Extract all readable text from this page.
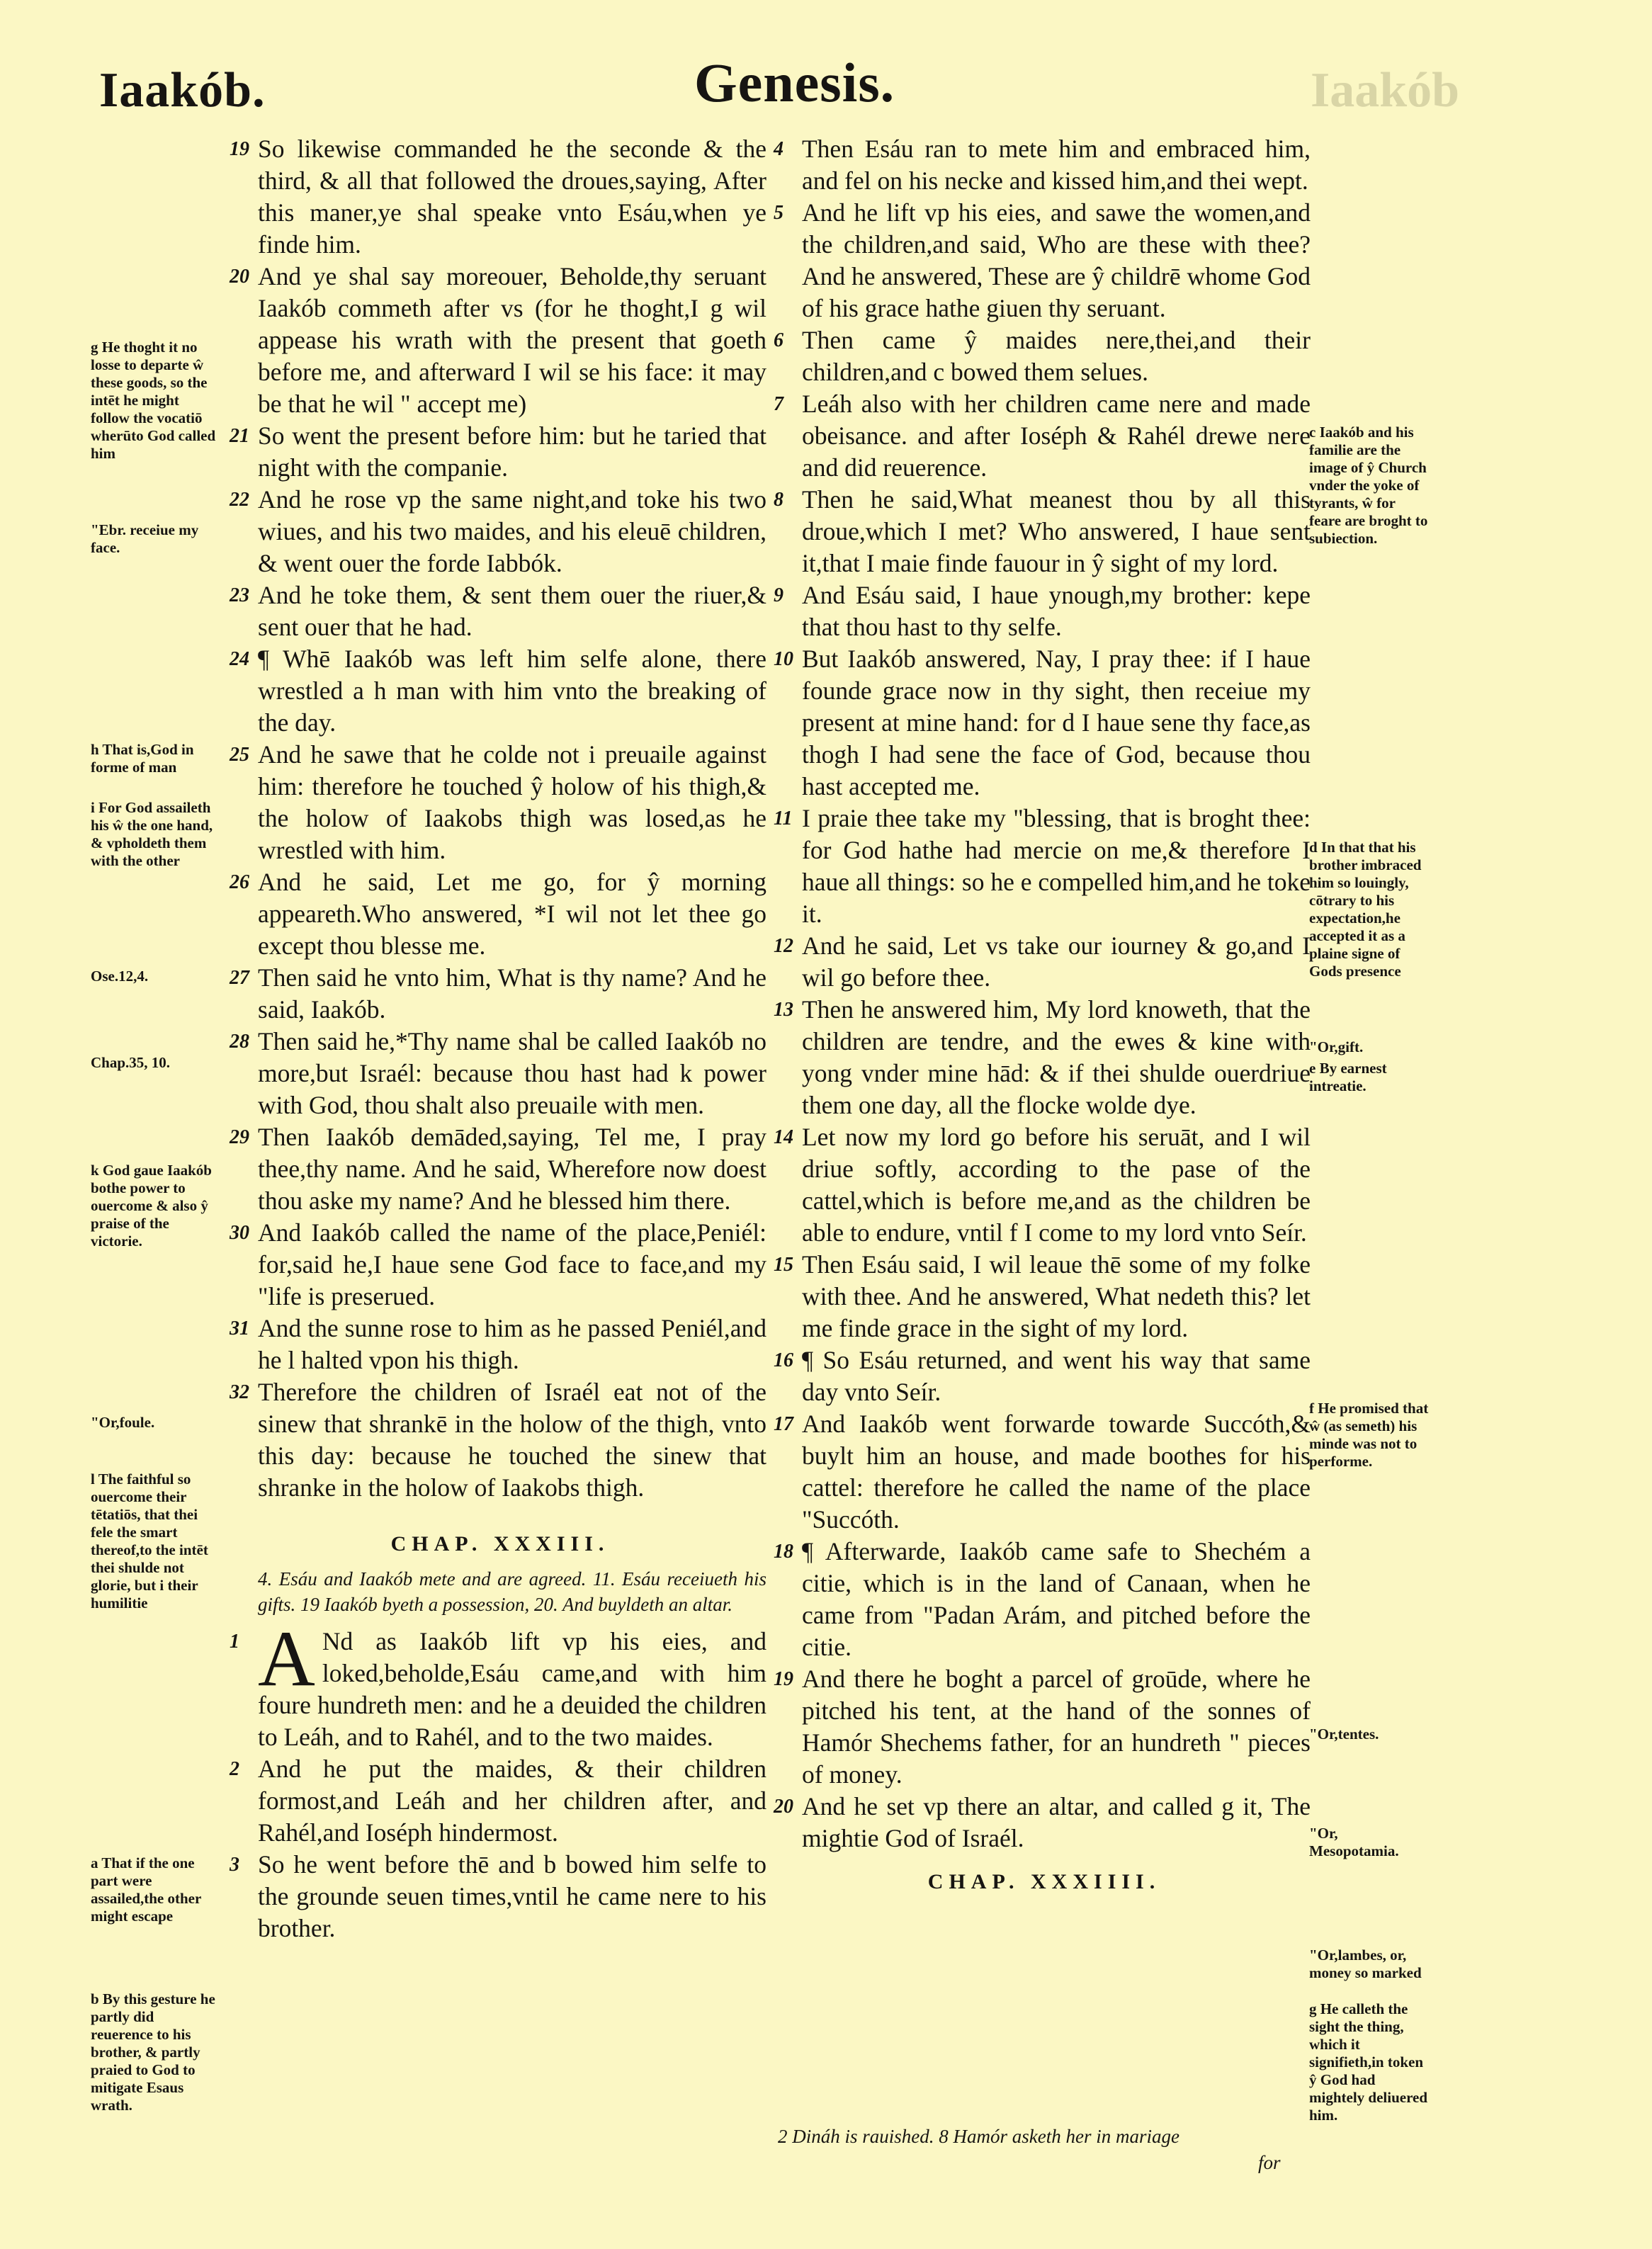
Iaakób.	Genesis.	Iaakób

19 So likewise commanded he the seconde & the third, & all that followed the droues,saying, After this maner,ye shal speake vnto Esáu,when ye finde him.

20 And ye shal say moreouer, Beholde,thy seruant Iaakób commeth after vs (for he thoght,I g wil appease his wrath with the present that goeth before me, and afterward I wil se his face: it may be that he wil " accept me)

21 So went the present before him: but he taried that night with the companie.

22 And he rose vp the same night,and toke his two wiues, and his two maides, and his eleuē children, & went ouer the forde Iabbók.

23 And he toke them, & sent them ouer the riuer,& sent ouer that he had.

24 ¶ Whē Iaakób was left him selfe alone, there wrestled a h man with him vnto the breaking of the day.

25 And he sawe that he colde not i preuaile against him: therefore he touched ŷ holow of his thigh,& the holow of Iaakobs thigh was losed,as he wrestled with him.

26 And he said, Let me go, for ŷ morning appeareth.Who answered, *I wil not let thee go except thou blesse me.

27 Then said he vnto him, What is thy name? And he said, Iaakób.

28 Then said he,*Thy name shal be called Iaakób no more,but Israél: because thou hast had k power with God, thou shalt also preuaile with men.

29 Then Iaakób demāded,saying, Tel me, I pray thee,thy name. And he said, Wherefore now doest thou aske my name? And he blessed him there.

30 And Iaakób called the name of the place,Peniél: for,said he,I haue sene God face to face,and my "life is preserued.

31 And the sunne rose to him as he passed Peniél,and he l halted vpon his thigh.

32 Therefore the children of Israél eat not of the sinew that shrankē in the holow of the thigh, vnto this day: because he touched the sinew that shranke in the holow of Iaakobs thigh.

CHAP. XXXIII.

4. Esáu and Iaakób mete and are agreed. 11. Esáu receiueth his gifts. 19 Iaakób byeth a possession, 20. And buyldeth an altar.

1 A Nd as Iaakób lift vp his eies, and loked,beholde,Esáu came,and with him foure hundreth men: and he a deuided the children to Leáh, and to Rahél, and to the two maides.

2 And he put the maides, & their children formost,and Leáh and her children after, and Rahél,and Ioséph hindermost.

3 So he went before thē and b bowed him selfe to the grounde seuen times,vntil he came nere to his brother.

4 Then Esáu ran to mete him and embraced him, and fel on his necke and kissed him,and thei wept.

5 And he lift vp his eies, and sawe the women,and the children,and said, Who are these with thee? And he answered, These are ŷ childrē whome God of his grace hathe giuen thy seruant.

6 Then came ŷ maides nere,thei,and their children,and c bowed them selues.

7 Leáh also with her children came nere and made obeisance. and after Ioséph & Rahél drewe nere and did reuerence.

8 Then he said,What meanest thou by all this droue,which I met? Who answered, I haue sent it,that I maie finde fauour in ŷ sight of my lord.

9 And Esáu said, I haue ynough,my brother: kepe that thou hast to thy selfe.

10 But Iaakób answered, Nay, I pray thee: if I haue founde grace now in thy sight, then receiue my present at mine hand: for d I haue sene thy face,as thogh I had sene the face of God, because thou hast accepted me.

11 I praie thee take my "blessing, that is broght thee: for God hathe had mercie on me,& therefore I haue all things: so he e compelled him,and he toke it.

12 And he said, Let vs take our iourney & go,and I wil go before thee.

13 Then he answered him, My lord knoweth, that the children are tendre, and the ewes & kine with yong vnder mine hād: & if thei shulde ouerdriue them one day, all the flocke wolde dye.

14 Let now my lord go before his seruāt, and I wil driue softly, according to the pase of the cattel,which is before me,and as the children be able to endure, vntil f I come to my lord vnto Seír.

15 Then Esáu said, I wil leaue thē some of my folke with thee. And he answered, What nedeth this? let me finde grace in the sight of my lord.

16 ¶ So Esáu returned, and went his way that same day vnto Seír.

17 And Iaakób went forwarde towarde Succóth,& buylt him an house, and made boothes for his cattel: therefore he called the name of the place "Succóth.

18 ¶ Afterwarde, Iaakób came safe to Shechém a citie, which is in the land of Canaan, when he came from "Padan Arám, and pitched before the citie.

19 And there he boght a parcel of groūde, where he pitched his tent, at the hand of the sonnes of Hamór Shechems father, for an hundreth " pieces of money.

20 And he set vp there an altar, and called g it, The mightie God of Israél.

CHAP. XXXIIII.
2 Dináh is rauished. 8 Hamór asketh her in mariage
for
g He thoght it no losse to departe ŵ these goods, so the intēt he might follow the vocatiō wherūto God called him
"Ebr. receiue my face.
h That is,God in forme of man
i For God assaileth his ŵ the one hand, & vpholdeth them with the other
Ose.12,4.
Chap.35, 10.
k God gaue Iaakób bothe power to ouercome & also ŷ praise of the victorie.
"Or,foule.
l The faithful so ouercome their tētatiōs, that thei fele the smart thereof,to the intēt thei shulde not glorie, but i their humilitie
a That if the one part were assailed,the other might escape
b By this gesture he partly did reuerence to his brother, & partly praied to God to mitigate Esaus wrath.
c Iaakób and his familie are the image of ŷ Church vnder the yoke of tyrants, ŵ for feare are broght to subiection.
d In that that his brother imbraced him so louingly, cōtrary to his expectation,he accepted it as a plaine signe of Gods presence
"Or,gift.
e By earnest intreatie.
f He promised that ŵ (as semeth) his minde was not to performe.
"Or,tentes.
"Or, Mesopotamia.
"Or,lambes, or, money so marked
g He calleth the sight the thing, which it signifieth,in token ŷ God had mightely deliuered him.
